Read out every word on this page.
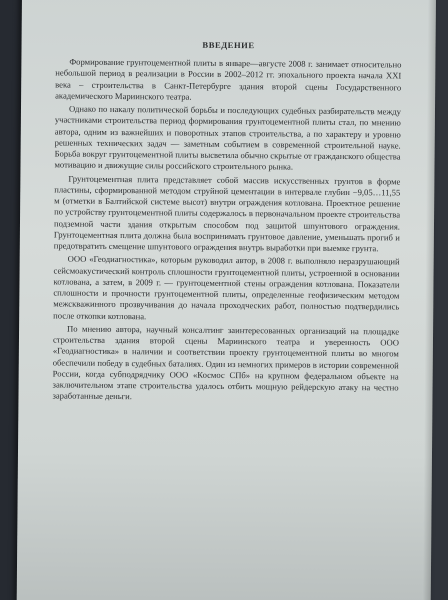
ВВЕДЕНИЕ

Формирование грунтоцементной плиты в январе—августе 2008 г. занимает относительно небольшой период в реализации в России в 2002–2012 гг. эпохального проекта начала XXI века – строительства в Санкт-Петербурге здания второй сцены Государственного академического Мариинского театра.

Однако по накалу политической борьбы и последующих судебных разбирательств между участниками строительства период формирования грунтоцементной плиты стал, по мнению автора, одним из важнейших и поворотных этапов строительства, а по характеру и уровню решенных технических задач — заметным событием в современной строительной науке. Борьба вокруг грунтоцементной плиты высветила обычно скрытые от гражданского общества мотивацию и движущие силы российского строительного рынка.

Грунтоцементная плита представляет собой массив искусственных грунтов в форме пластины, сформированной методом струйной цементации в интервале глубин −9,05…11,55 м (отметки в Балтийской системе высот) внутри ограждения котлована. Проектное решение по устройству грунтоцементной плиты содержалось в первоначальном проекте строительства подземной части здания открытым способом под защитой шпунтового ограждения. Грунтоцементная плита должна была воспринимать грунтовое давление, уменьшать прогиб и предотвратить смещение шпунтового ограждения внутрь выработки при выемке грунта.

ООО «Геодиагностика», которым руководил автор, в 2008 г. выполняло неразрушающий сейсмоакустический контроль сплошности грунтоцементной плиты, устроенной в основании котлована, а затем, в 2009 г. — грунтоцементной стены ограждения котлована. Показатели сплошности и прочности грунтоцементной плиты, определенные геофизическим методом межскважинного прозвучивания до начала проходческих работ, полностью подтвердились после откопки котлована.

По мнению автора, научный консалтинг заинтересованных организаций на площадке строительства здания второй сцены Мариинского театра и уверенность ООО «Геодиагностика» в наличии и соответствии проекту грунтоцементной плиты во многом обеспечили победу в судебных баталиях. Один из немногих примеров в истории современной России, когда субподрядчику ООО «Космос СПб» на крупном федеральном объекте на заключительном этапе строительства удалось отбить мощную рейдерскую атаку на честно заработанные деньги.
